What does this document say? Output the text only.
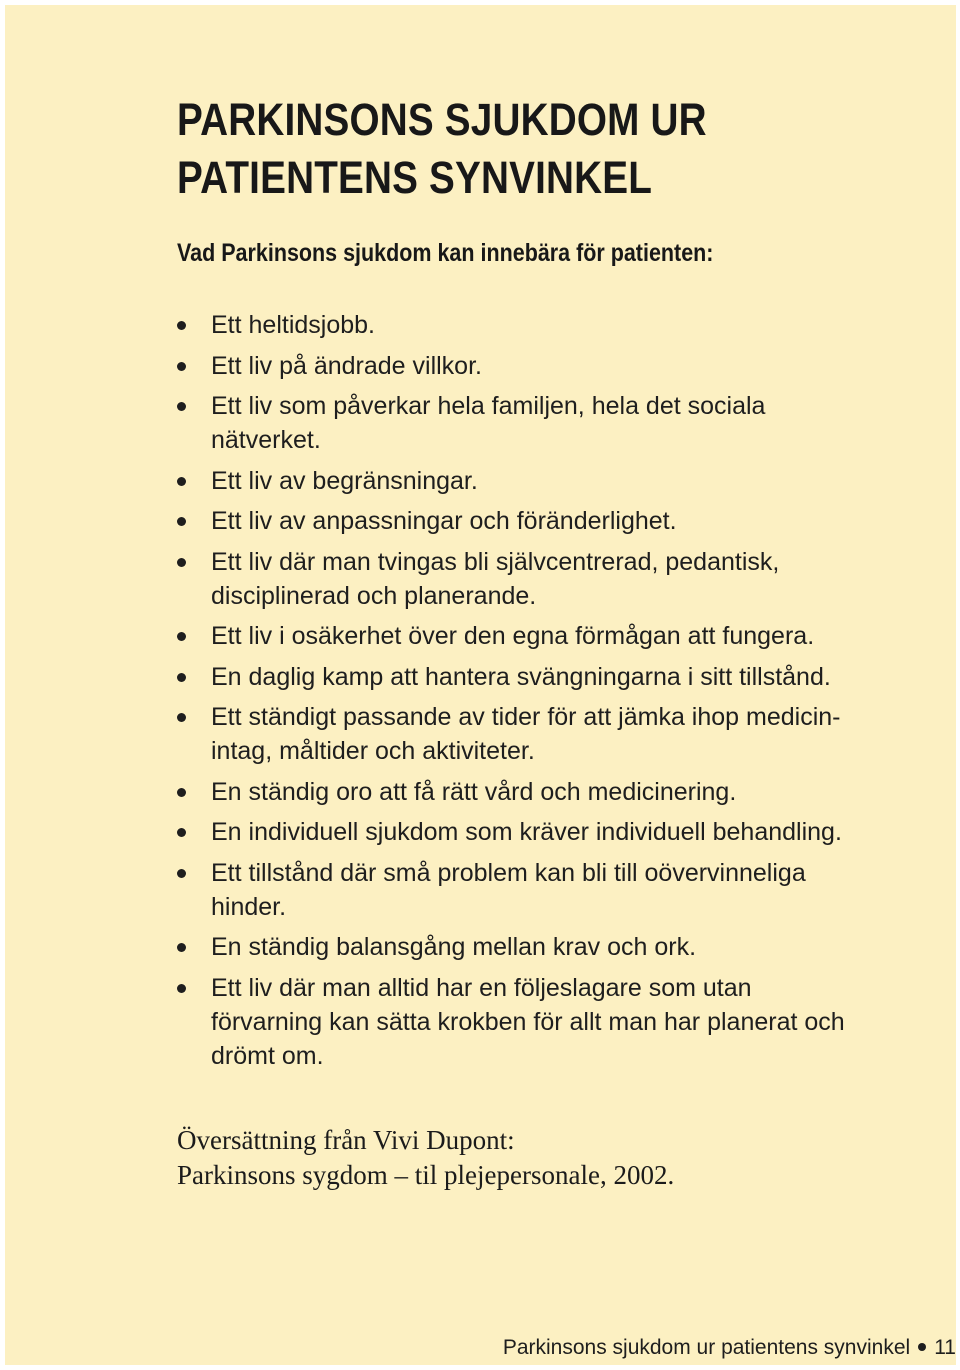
PARKINSONS SJUKDOM UR
PATIENTENS SYNVINKEL
Vad Parkinsons sjukdom kan innebära för patienten:
Ett heltidsjobb.
Ett liv på ändrade villkor.
Ett liv som påverkar hela familjen, hela det sociala nätverket.
Ett liv av begränsningar.
Ett liv av anpassningar och föränderlighet.
Ett liv där man tvingas bli självcentrerad, pedantisk, disciplinerad och planerande.
Ett liv i osäkerhet över den egna förmågan att fungera.
En daglig kamp att hantera svängningarna i sitt tillstånd.
Ett ständigt passande av tider för att jämka ihop medicin-intag, måltider och aktiviteter.
En ständig oro att få rätt vård och medicinering.
En individuell sjukdom som kräver individuell behandling.
Ett tillstånd där små problem kan bli till oövervinneliga hinder.
En ständig balansgång mellan krav och ork.
Ett liv där man alltid har en följeslagare som utan förvarning kan sätta krokben för allt man har planerat och drömt om.
Översättning från Vivi Dupont:
Parkinsons sygdom – til plejepersonale, 2002.
Parkinsons sjukdom ur patientens synvinkel 11
